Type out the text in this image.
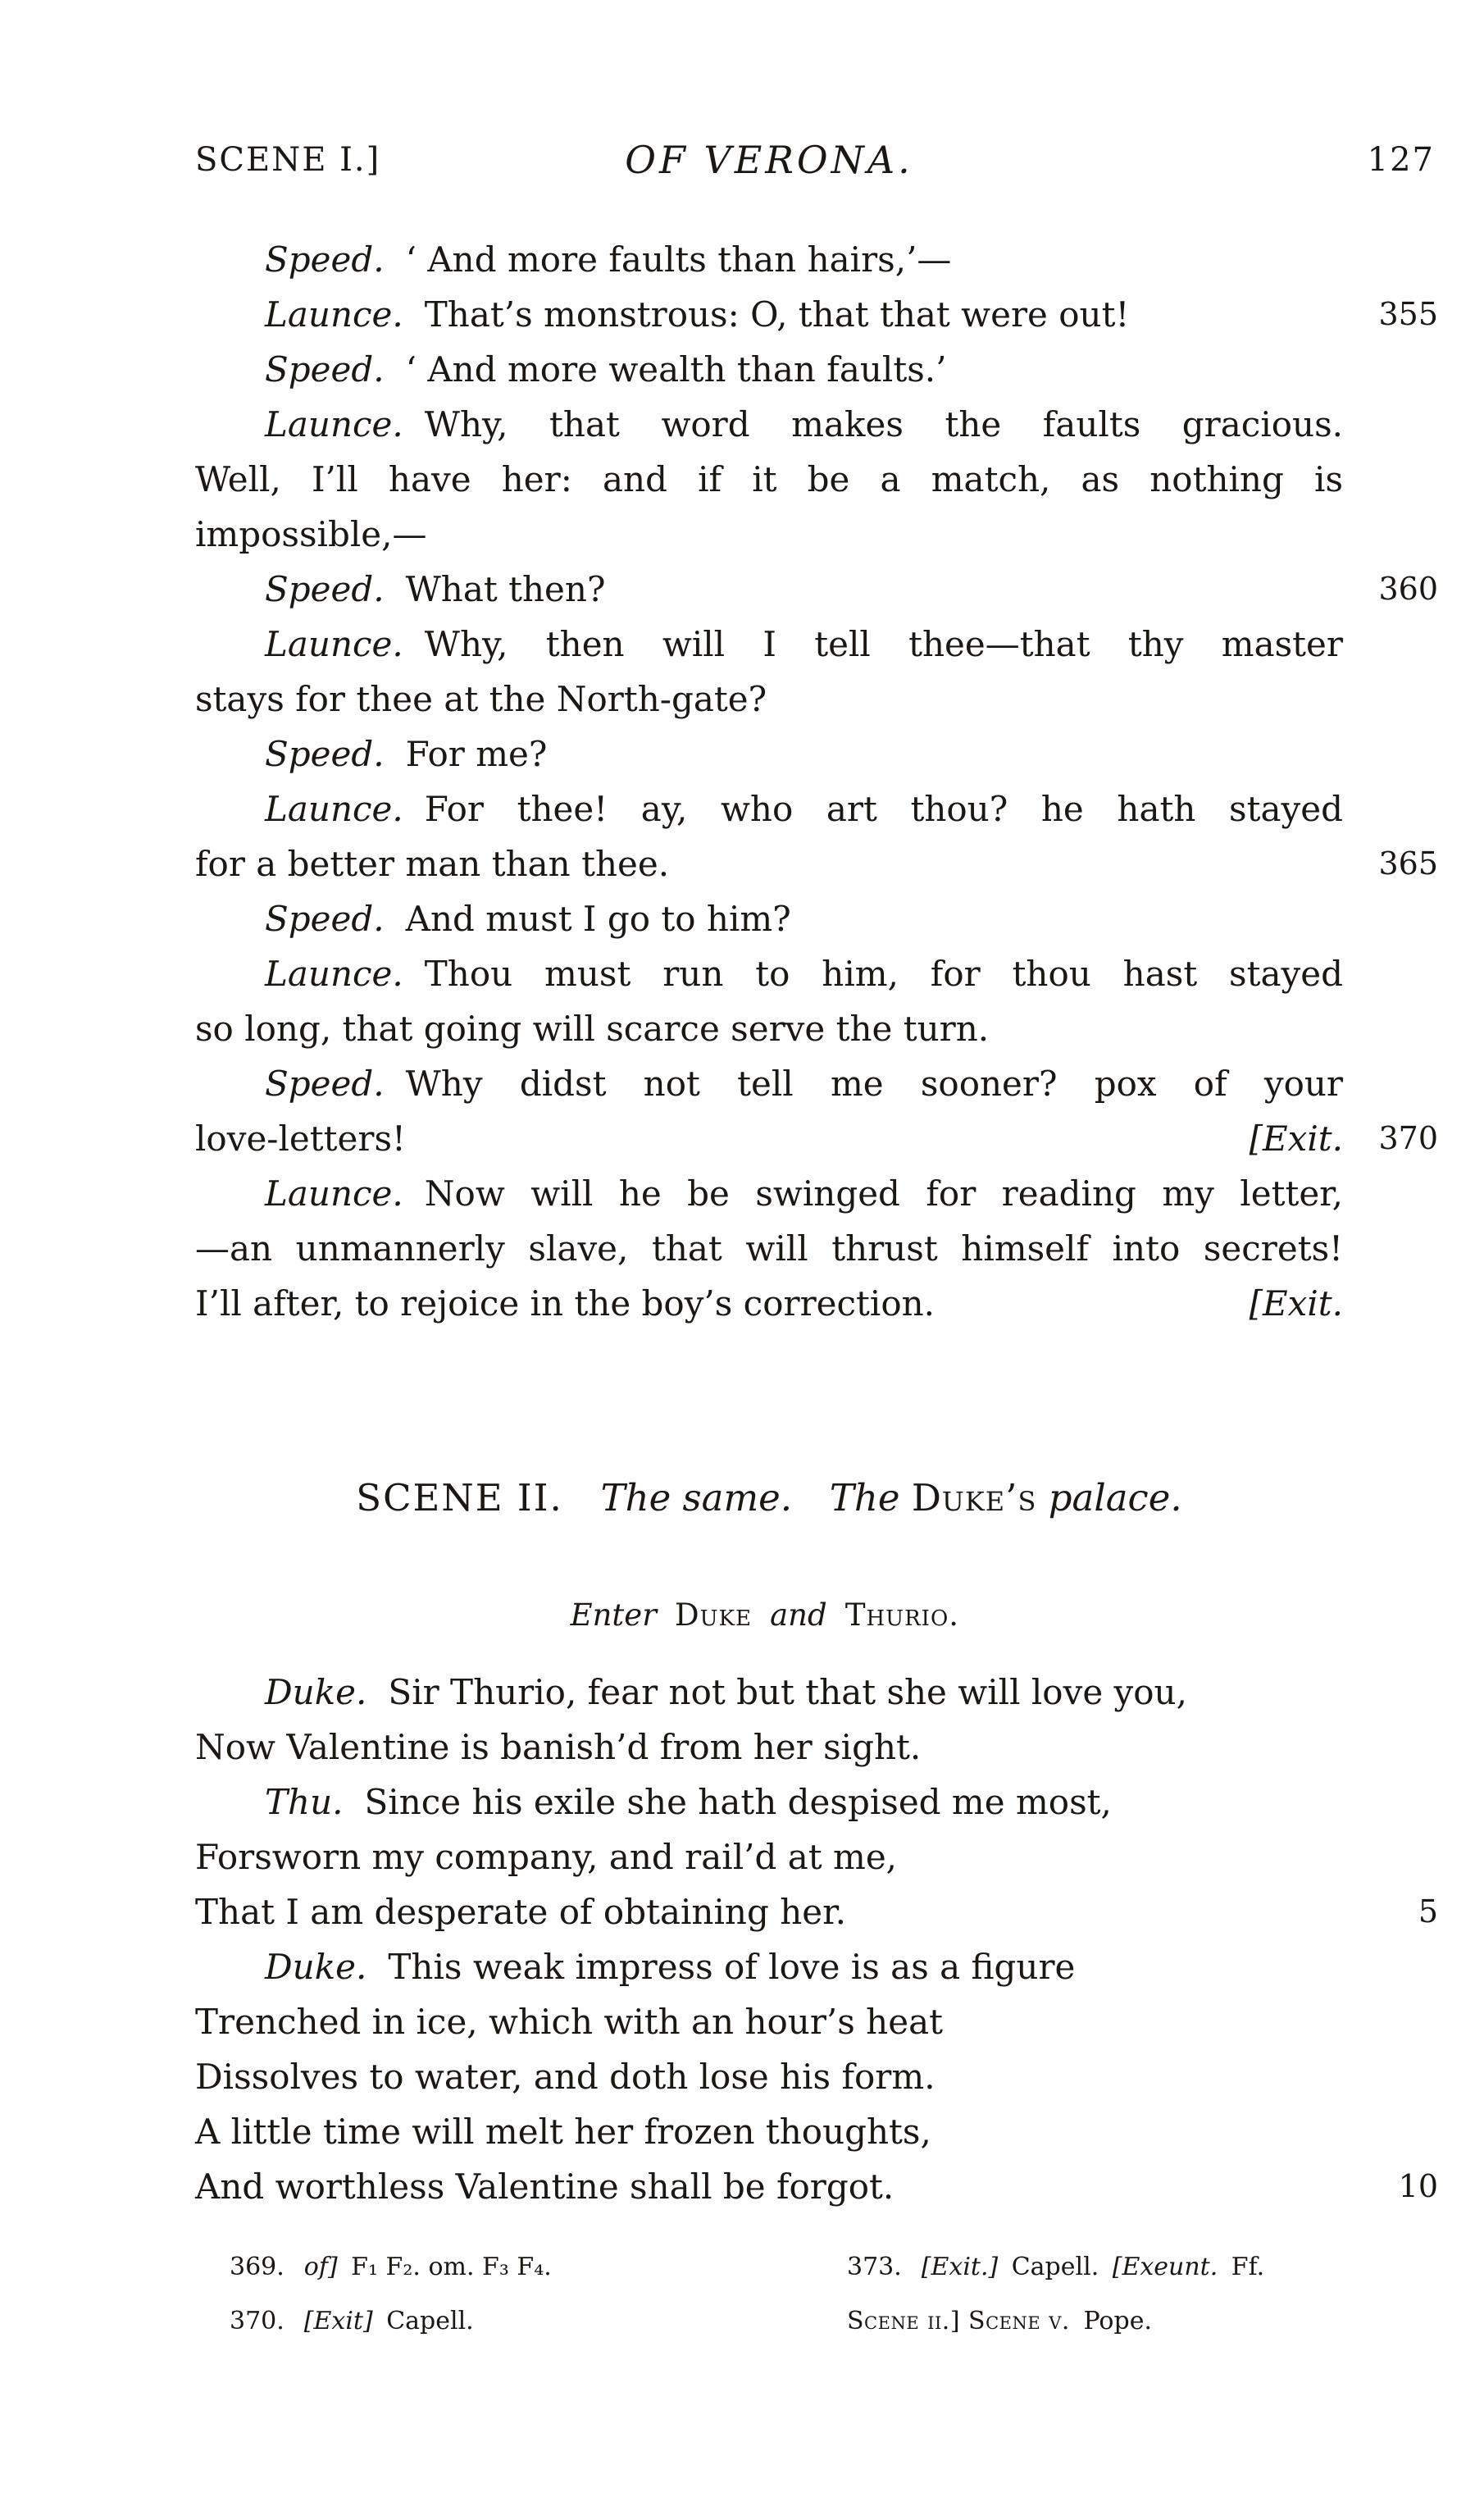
SCENE I.]	OF VERONA.	127
Speed. ‘ And more faults than hairs,’—
Launce. That’s monstrous: O, that that were out!	355
Speed. ‘ And more wealth than faults.’
Launce. Why, that word makes the faults gracious.
Well, I’ll have her: and if it be a match, as nothing is
impossible,—
Speed. What then?	360
Launce. Why, then will I tell thee—that thy master
stays for thee at the North-gate?
Speed. For me?
Launce. For thee! ay, who art thou? he hath stayed
for a better man than thee.	365
Speed. And must I go to him?
Launce. Thou must run to him, for thou hast stayed
so long, that going will scarce serve the turn.
Speed. Why didst not tell me sooner? pox of your
love-letters!	[Exit.	370
Launce. Now will he be swinged for reading my letter,
—an unmannerly slave, that will thrust himself into secrets!
I’ll after, to rejoice in the boy’s correction.	[Exit.
SCENE II. The same. The Duke’s palace.
Enter Duke and Thurio.
Duke. Sir Thurio, fear not but that she will love you,
Now Valentine is banish’d from her sight.
Thu. Since his exile she hath despised me most,
Forsworn my company, and rail’d at me,
That I am desperate of obtaining her.	5
Duke. This weak impress of love is as a figure
Trenched in ice, which with an hour’s heat
Dissolves to water, and doth lose his form.
A little time will melt her frozen thoughts,
And worthless Valentine shall be forgot.	10
369. of] F₁ F₂. om. F₃ F₄.
370. [Exit] Capell.
373. [Exit.] Capell. [Exeunt. Ff.
Scene ii.] Scene v. Pope.
